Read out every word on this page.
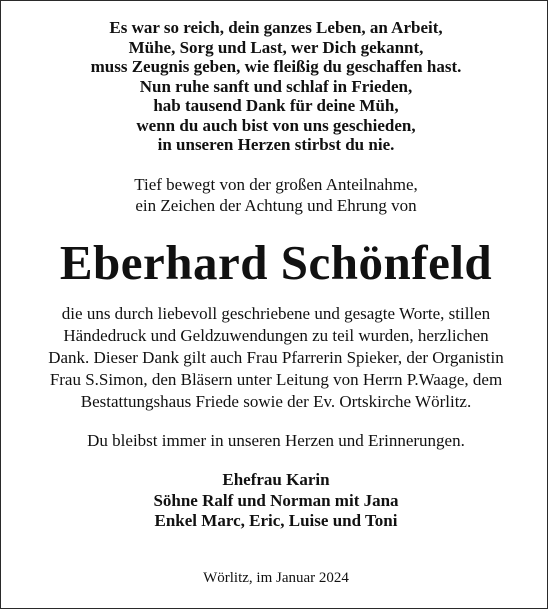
Es war so reich, dein ganzes Leben, an Arbeit,
Mühe, Sorg und Last, wer Dich gekannt,
muss Zeugnis geben, wie fleißig du geschaffen hast.
Nun ruhe sanft und schlaf in Frieden,
hab tausend Dank für deine Müh,
wenn du auch bist von uns geschieden,
in unseren Herzen stirbst du nie.
Tief bewegt von der großen Anteilnahme,
ein Zeichen der Achtung und Ehrung von
Eberhard Schönfeld
die uns durch liebevoll geschriebene und gesagte Worte, stillen
Händedruck und Geldzuwendungen zu teil wurden, herzlichen
Dank. Dieser Dank gilt auch Frau Pfarrerin Spieker, der Organistin
Frau S.Simon, den Bläsern unter Leitung von Herrn P.Waage, dem
Bestattungshaus Friede sowie der Ev. Ortskirche Wörlitz.
Du bleibst immer in unseren Herzen und Erinnerungen.
Ehefrau Karin
Söhne Ralf und Norman mit Jana
Enkel Marc, Eric, Luise und Toni
Wörlitz, im Januar 2024
